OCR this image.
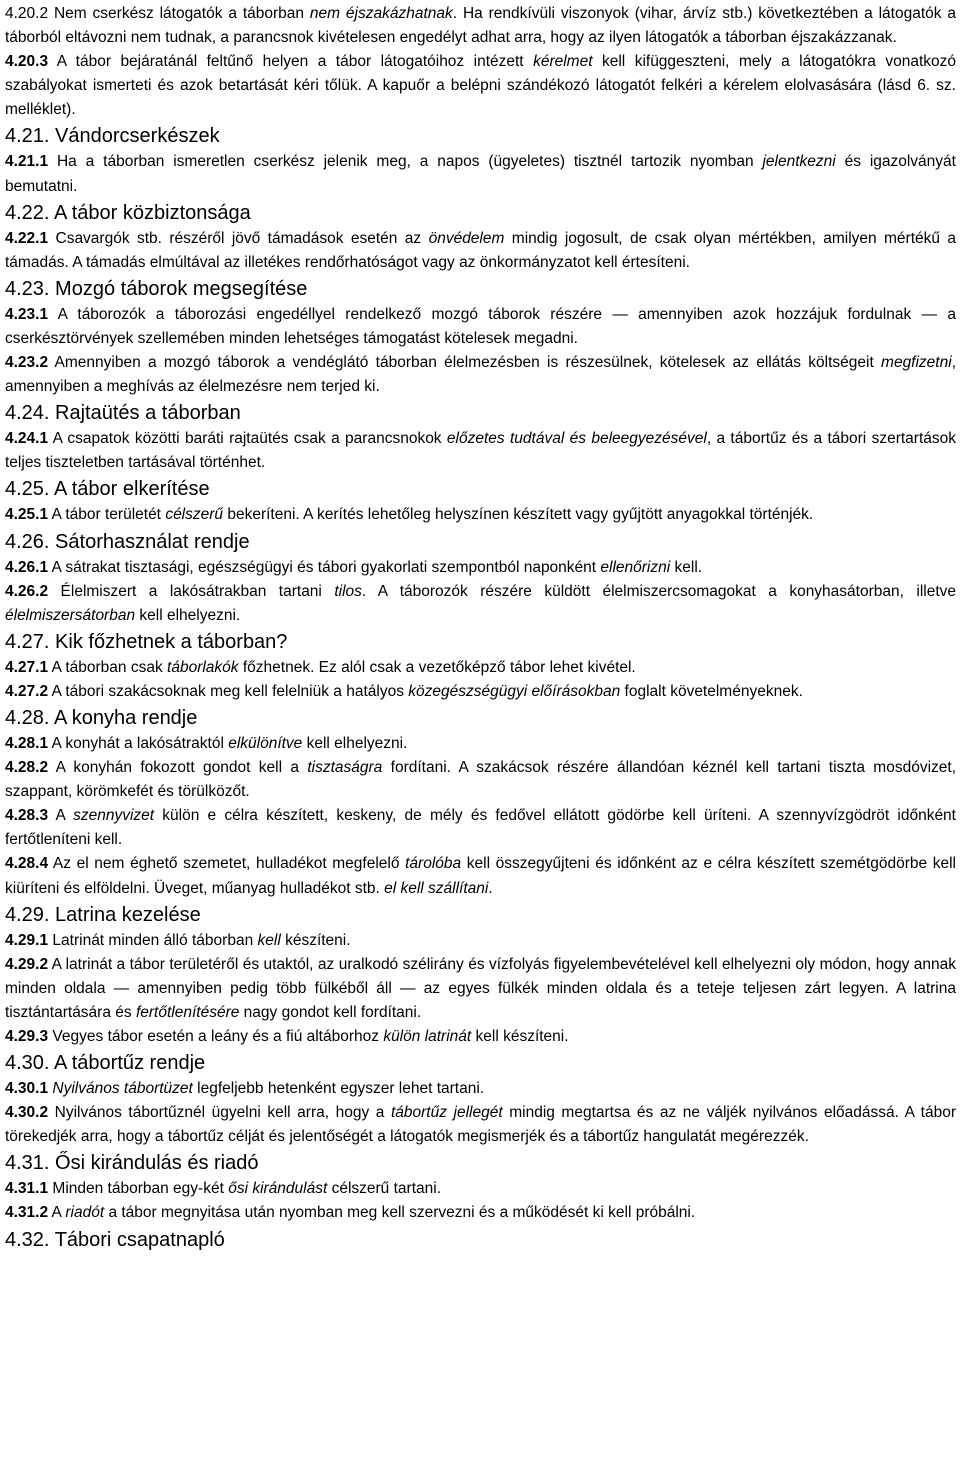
4.20.2 Nem cserkész látogatók a táborban nem éjszakázhatnak. Ha rendkívüli viszonyok (vihar, árvíz stb.) következtében a látogatók a táborból eltávozni nem tudnak, a parancsnok kivételesen engedélyt adhat arra, hogy az ilyen látogatók a táborban éjszakázzanak.

4.20.3 A tábor bejáratánál feltűnő helyen a tábor látogatóihoz intézett kérelmet kell kifüggeszteni, mely a látogatókra vonatkozó szabályokat ismerteti és azok betartását kéri tőlük. A kapuőr a belépni szándékozó látogatót felkéri a kérelem elolvasására (lásd 6. sz. melléklet).

4.21. Vándorcserkészek

4.21.1 Ha a táborban ismeretlen cserkész jelenik meg, a napos (ügyeletes) tisztnél tartozik nyomban jelentkezni és igazolványát bemutatni.

4.22. A tábor közbiztonsága

4.22.1 Csavargók stb. részéről jövő támadások esetén az önvédelem mindig jogosult, de csak olyan mértékben, amilyen mértékű a támadás. A támadás elmúltával az illetékes rendőrhatóságot vagy az önkormányzatot kell értesíteni.

4.23. Mozgó táborok megsegítése

4.23.1 A táborozók a táborozási engedéllyel rendelkező mozgó táborok részére — amennyiben azok hozzájuk fordulnak — a cserkésztörvények szellemében minden lehetséges támogatást kötelesek megadni.

4.23.2 Amennyiben a mozgó táborok a vendéglátó táborban élelmezésben is részesülnek, kötelesek az ellátás költségeit megfizetni, amennyiben a meghívás az élelmezésre nem terjed ki.

4.24. Rajtaütés a táborban

4.24.1 A csapatok közötti baráti rajtaütés csak a parancsnokok előzetes tudtával és beleegyezésével, a tábortűz és a tábori szertartások teljes tiszteletben tartásával történhet.

4.25. A tábor elkerítése

4.25.1 A tábor területét célszerű bekeríteni. A kerítés lehetőleg helyszínen készített vagy gyűjtött anyagokkal történjék.

4.26. Sátorhasználat rendje

4.26.1 A sátrakat tisztasági, egészségügyi és tábori gyakorlati szempontból naponként ellenőrizni kell.

4.26.2 Élelmiszert a lakósátrakban tartani tilos. A táborozók részére küldött élelmiszercsomagokat a konyhasátorban, illetve élelmiszersátorban kell elhelyezni.

4.27. Kik főzhetnek a táborban?

4.27.1 A táborban csak táborlakók főzhetnek. Ez alól csak a vezetőképző tábor lehet kivétel.

4.27.2 A tábori szakácsoknak meg kell felelniük a hatályos közegészségügyi előírásokban foglalt követelményeknek.

4.28. A konyha rendje

4.28.1 A konyhát a lakósátraktól elkülönítve kell elhelyezni.

4.28.2 A konyhán fokozott gondot kell a tisztaságra fordítani. A szakácsok részére állandóan kéznél kell tartani tiszta mosdóvizet, szappant, körömkefét és törülközőt.

4.28.3 A szennyvizet külön e célra készített, keskeny, de mély és fedővel ellátott gödörbe kell üríteni. A szennyvízgödröt időnként fertőtleníteni kell.

4.28.4 Az el nem éghető szemetet, hulladékot megfelelő tárolóba kell összegyűjteni és időnként az e célra készített szemétgödörbe kell kiüríteni és elföldelni. Üveget, műanyag hulladékot stb. el kell szállítani.

4.29. Latrina kezelése

4.29.1 Latrinát minden álló táborban kell készíteni.

4.29.2 A latrinát a tábor területéről és utaktól, az uralkodó szélirány és vízfolyás figyelembevételével kell elhelyezni oly módon, hogy annak minden oldala — amennyiben pedig több fülkéből áll — az egyes fülkék minden oldala és a teteje teljesen zárt legyen. A latrina tisztántartására és fertőtlenítésére nagy gondot kell fordítani.

4.29.3 Vegyes tábor esetén a leány és a fiú altáborhoz külön latrinát kell készíteni.

4.30. A tábortűz rendje

4.30.1 Nyilvános tábortüzet legfeljebb hetenként egyszer lehet tartani.

4.30.2 Nyilvános tábortűznél ügyelni kell arra, hogy a tábortűz jellegét mindig megtartsa és az ne váljék nyilvános előadássá. A tábor törekedjék arra, hogy a tábortűz célját és jelentőségét a látogatók megismerjék és a tábortűz hangulatát megérezzék.

4.31. Ősi kirándulás és riadó

4.31.1 Minden táborban egy-két ősi kirándulást célszerű tartani.

4.31.2 A riadót a tábor megnyitása után nyomban meg kell szervezni és a működését ki kell próbálni.

4.32. Tábori csapatnapló
